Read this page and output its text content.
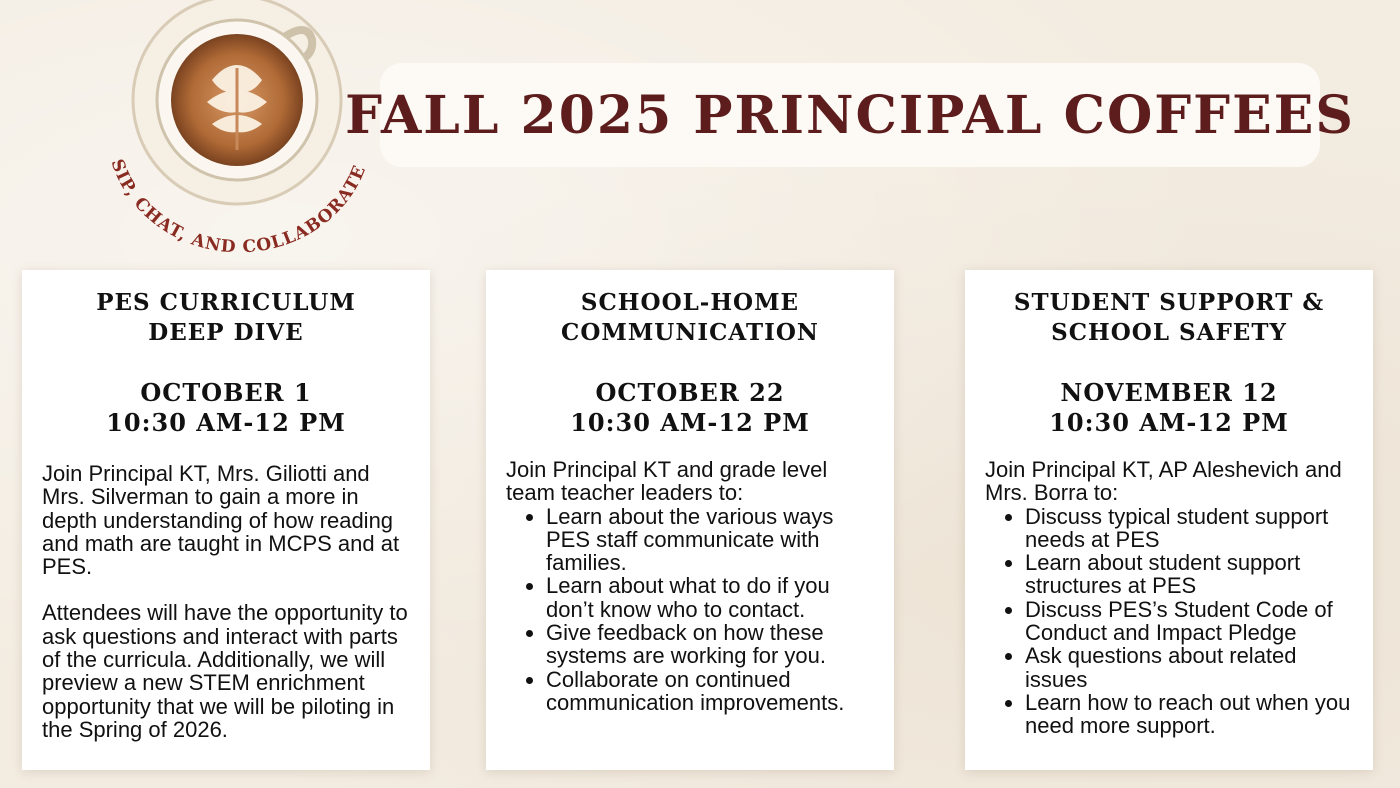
SIP, CHAT, AND COLLABORATE
FALL 2025 PRINCIPAL COFFEES
PES CURRICULUM
DEEP DIVE
OCTOBER 1
10:30 AM-12 PM

Join Principal KT, Mrs. Giliotti and Mrs. Silverman to gain a more in depth understanding of how reading and math are taught in MCPS and at PES.

Attendees will have the opportunity to ask questions and interact with parts of the curricula. Additionally, we will preview a new STEM enrichment opportunity that we will be piloting in the Spring of 2026.

SCHOOL-HOME
COMMUNICATION
OCTOBER 22
10:30 AM-12 PM

Join Principal KT and grade level team teacher leaders to:

• Learn about the various ways PES staff communicate with families.
• Learn about what to do if you don’t know who to contact.
• Give feedback on how these systems are working for you.
• Collaborate on continued communication improvements.
STUDENT SUPPORT &
SCHOOL SAFETY
NOVEMBER 12
10:30 AM-12 PM

Join Principal KT, AP Aleshevich and Mrs. Borra to:

• Discuss typical student support needs at PES
• Learn about student support structures at PES
• Discuss PES’s Student Code of Conduct and Impact Pledge
• Ask questions about related issues
• Learn how to reach out when you need more support.
